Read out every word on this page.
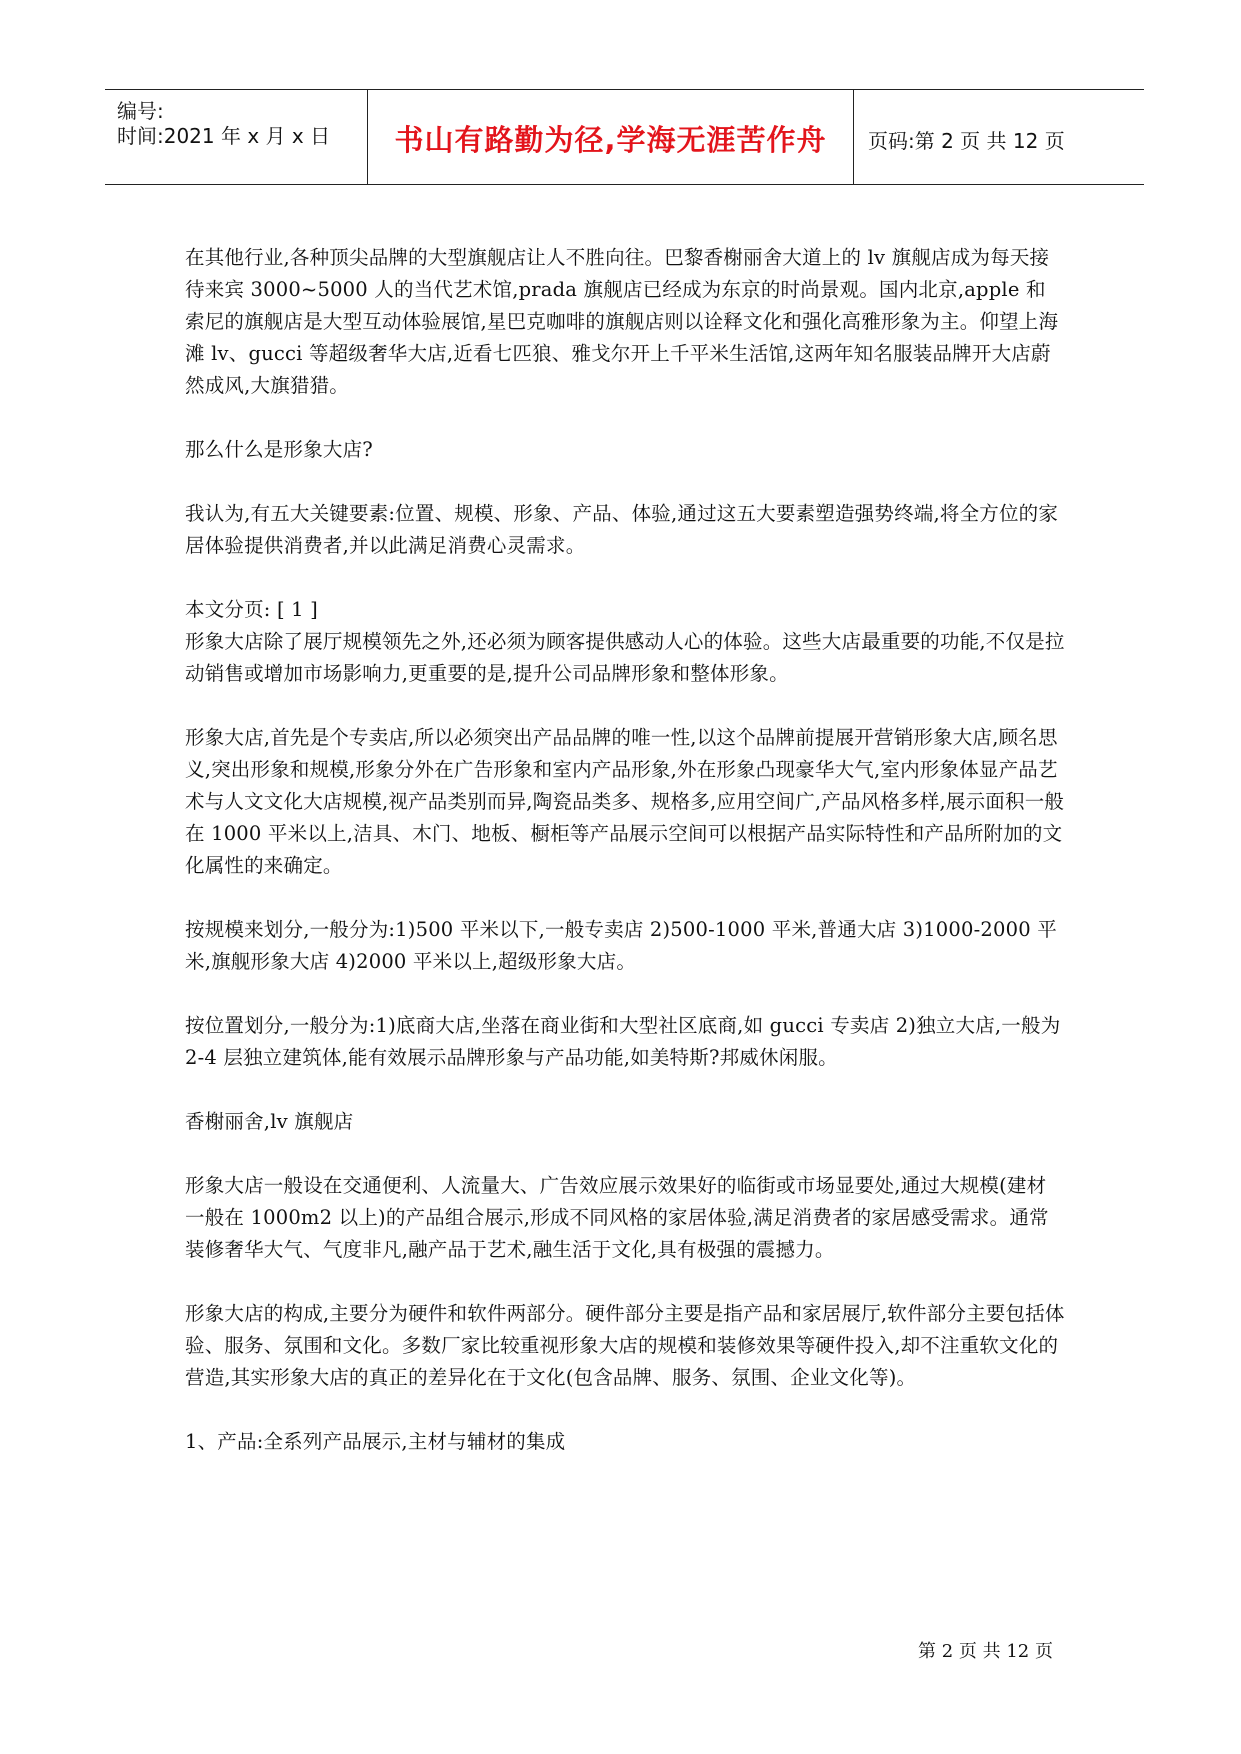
编号:
时间:2021 年 x 月 x 日	书山有路勤为径,学海无涯苦作舟	页码:第 2 页 共 12 页

在其他行业,各种顶尖品牌的大型旗舰店让人不胜向往。巴黎香榭丽舍大道上的 lv 旗舰店成为每天接待来宾 3000~5000 人的当代艺术馆,prada 旗舰店已经成为东京的时尚景观。国内北京,apple 和索尼的旗舰店是大型互动体验展馆,星巴克咖啡的旗舰店则以诠释文化和强化高雅形象为主。仰望上海滩 lv、gucci 等超级奢华大店,近看七匹狼、雅戈尔开上千平米生活馆,这两年知名服装品牌开大店蔚然成风,大旗猎猎。

那么什么是形象大店?

我认为,有五大关键要素:位置、规模、形象、产品、体验,通过这五大要素塑造强势终端,将全方位的家居体验提供消费者,并以此满足消费心灵需求。

本文分页: [ 1 ]

形象大店除了展厅规模领先之外,还必须为顾客提供感动人心的体验。这些大店最重要的功能,不仅是拉动销售或增加市场影响力,更重要的是,提升公司品牌形象和整体形象。

形象大店,首先是个专卖店,所以必须突出产品品牌的唯一性,以这个品牌前提展开营销形象大店,顾名思义,突出形象和规模,形象分外在广告形象和室内产品形象,外在形象凸现豪华大气,室内形象体显产品艺术与人文文化大店规模,视产品类别而异,陶瓷品类多、规格多,应用空间广,产品风格多样,展示面积一般在 1000 平米以上,洁具、木门、地板、橱柜等产品展示空间可以根据产品实际特性和产品所附加的文化属性的来确定。

按规模来划分,一般分为:1)500 平米以下,一般专卖店 2)500-1000 平米,普通大店 3)1000-2000 平米,旗舰形象大店 4)2000 平米以上,超级形象大店。

按位置划分,一般分为:1)底商大店,坐落在商业街和大型社区底商,如 gucci 专卖店 2)独立大店,一般为 2-4 层独立建筑体,能有效展示品牌形象与产品功能,如美特斯?邦威休闲服。

香榭丽舍,lv 旗舰店

形象大店一般设在交通便利、人流量大、广告效应展示效果好的临街或市场显要处,通过大规模(建材一般在 1000m2 以上)的产品组合展示,形成不同风格的家居体验,满足消费者的家居感受需求。通常装修奢华大气、气度非凡,融产品于艺术,融生活于文化,具有极强的震撼力。

形象大店的构成,主要分为硬件和软件两部分。硬件部分主要是指产品和家居展厅,软件部分主要包括体验、服务、氛围和文化。多数厂家比较重视形象大店的规模和装修效果等硬件投入,却不注重软文化的营造,其实形象大店的真正的差异化在于文化(包含品牌、服务、氛围、企业文化等)。

1、产品:全系列产品展示,主材与辅材的集成

第 2 页 共 12 页
